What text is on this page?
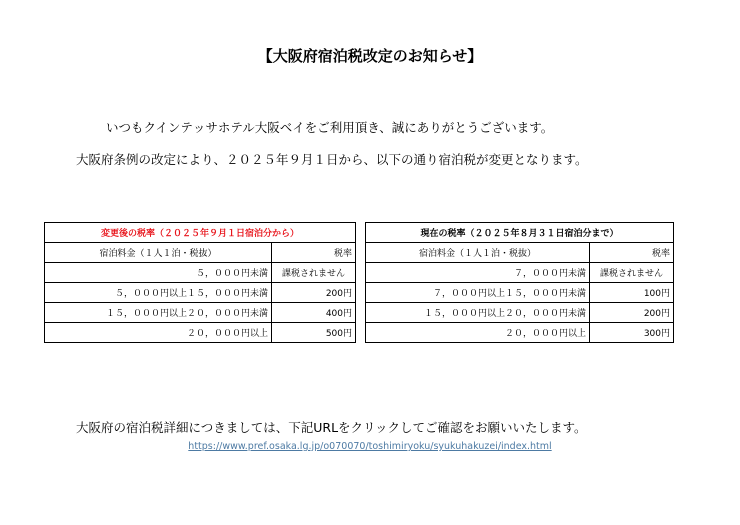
【大阪府宿泊税改定のお知らせ】
いつもクインテッサホテル大阪ベイをご利用頂き、誠にありがとうございます。
大阪府条例の改定により、２０２５年９月１日から、以下の通り宿泊税が変更となります。
変更後の税率（２０２５年９月１日宿泊分から）	
宿泊料金（１人１泊・税抜）	税率
５，０００円未満	課税されません
５，０００円以上１５，０００円未満	200円
１５，０００円以上２０，０００円未満	400円
２０，０００円以上	500円
現在の税率（２０２５年８月３１日宿泊分まで）	
宿泊料金（１人１泊・税抜）	税率
７，０００円未満	課税されません
７，０００円以上１５，０００円未満	100円
１５，０００円以上２０，０００円未満	200円
２０，０００円以上	300円
大阪府の宿泊税詳細につきましては、下記URLをクリックしてご確認をお願いいたします。
https://www.pref.osaka.lg.jp/o070070/toshimiryoku/syukuhakuzei/index.html
